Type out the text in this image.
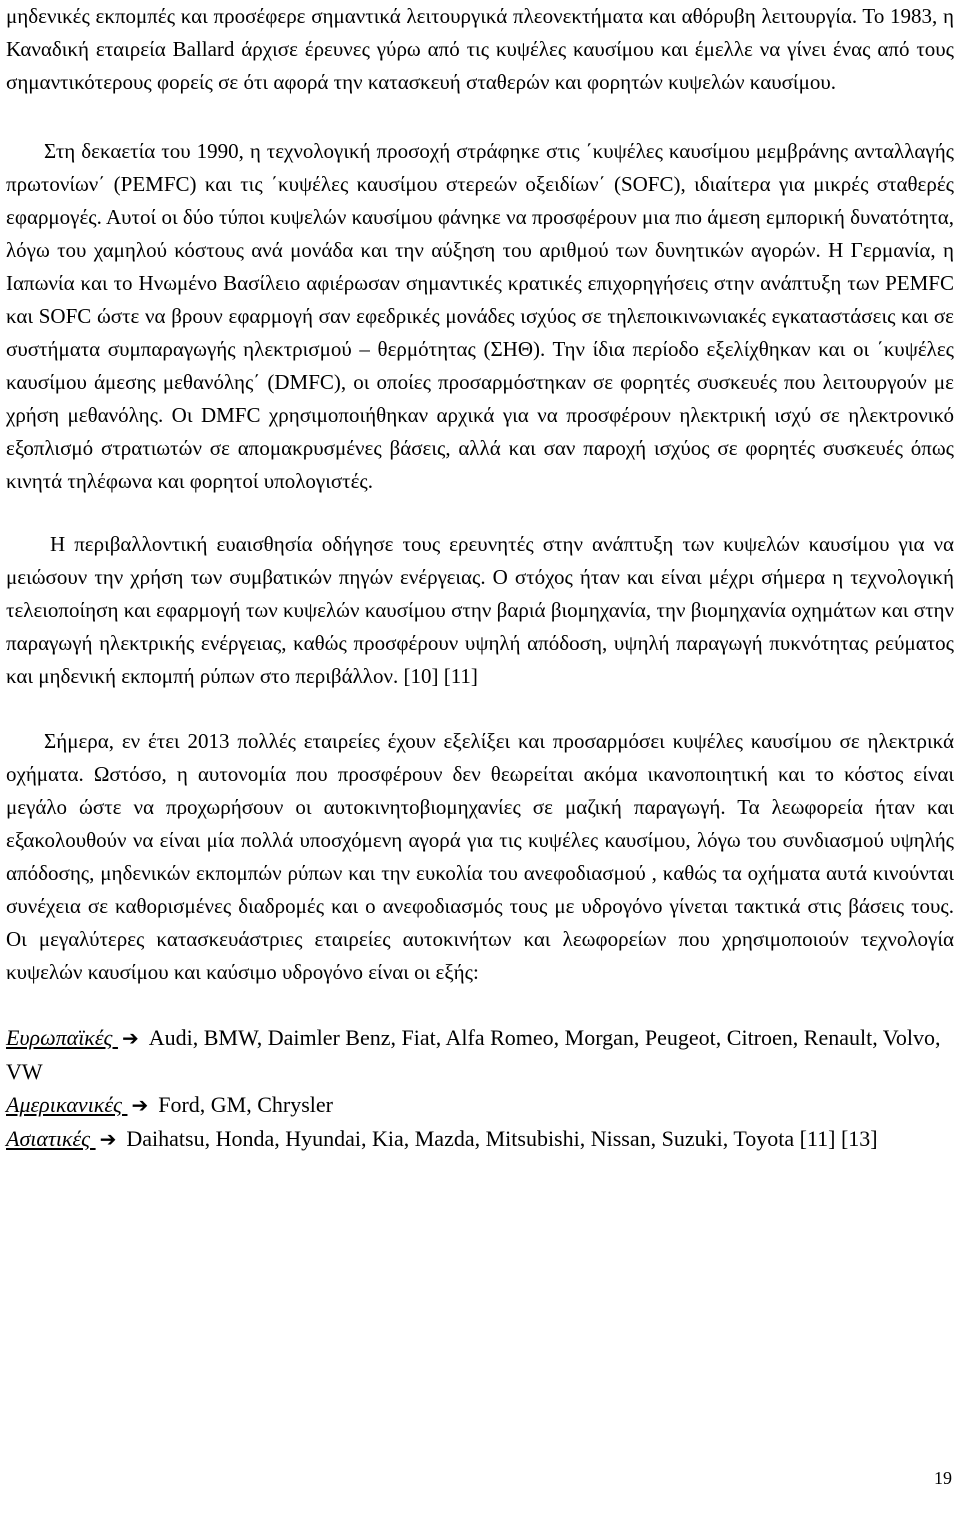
μηδενικές εκπομπές και προσέφερε σημαντικά λειτουργικά πλεονεκτήματα και αθόρυβη λειτουργία. Το 1983, η Καναδική εταιρεία Ballard άρχισε έρευνες γύρω από τις κυψέλες καυσίμου και έμελλε να γίνει ένας από τους σημαντικότερους φορείς σε ότι αφορά την κατασκευή σταθερών και φορητών κυψελών καυσίμου.

Στη δεκαετία του 1990, η τεχνολογική προσοχή στράφηκε στις ΄κυψέλες καυσίμου μεμβράνης ανταλλαγής πρωτονίων΄ (PEMFC) και τις ΄κυψέλες καυσίμου στερεών οξειδίων΄ (SOFC), ιδιαίτερα για μικρές σταθερές εφαρμογές. Αυτοί οι δύο τύποι κυψελών καυσίμου φάνηκε να προσφέρουν μια πιο άμεση εμπορική δυνατότητα, λόγω του χαμηλού κόστους ανά μονάδα και την αύξηση του αριθμού των δυνητικών αγορών. Η Γερμανία, η Ιαπωνία και το Ηνωμένο Βασίλειο αφιέρωσαν σημαντικές κρατικές επιχορηγήσεις στην ανάπτυξη των PEMFC και SOFC ώστε να βρουν εφαρμογή σαν εφεδρικές μονάδες ισχύος σε τηλεποικινωνιακές εγκαταστάσεις και σε συστήματα συμπαραγωγής ηλεκτρισμού – θερμότητας (ΣΗΘ). Την ίδια περίοδο εξελίχθηκαν και οι ΄κυψέλες καυσίμου άμεσης μεθανόλης΄ (DMFC), οι οποίες προσαρμόστηκαν σε φορητές συσκευές που λειτουργούν με χρήση μεθανόλης. Οι DMFC χρησιμοποιήθηκαν αρχικά για να προσφέρουν ηλεκτρική ισχύ σε ηλεκτρονικό εξοπλισμό στρατιωτών σε απομακρυσμένες βάσεις, αλλά και σαν παροχή ισχύος σε φορητές συσκευές όπως κινητά τηλέφωνα και φορητοί υπολογιστές.

Η περιβαλλοντική ευαισθησία οδήγησε τους ερευνητές στην ανάπτυξη των κυψελών καυσίμου για να μειώσουν την χρήση των συμβατικών πηγών ενέργειας. Ο στόχος ήταν και είναι μέχρι σήμερα η τεχνολογική τελειοποίηση και εφαρμογή των κυψελών καυσίμου στην βαριά βιομηχανία, την βιομηχανία οχημάτων και στην παραγωγή ηλεκτρικής ενέργειας, καθώς προσφέρουν υψηλή απόδοση, υψηλή παραγωγή πυκνότητας ρεύματος και μηδενική εκπομπή ρύπων στο περιβάλλον. [10] [11]

Σήμερα, εν έτει 2013 πολλές εταιρείες έχουν εξελίξει και προσαρμόσει κυψέλες καυσίμου σε ηλεκτρικά οχήματα. Ωστόσο, η αυτονομία που προσφέρουν δεν θεωρείται ακόμα ικανοποιητική και το κόστος είναι μεγάλο ώστε να προχωρήσουν οι αυτοκινητοβιομηχανίες σε μαζική παραγωγή. Τα λεωφορεία ήταν και εξακολουθούν να είναι μία πολλά υποσχόμενη αγορά για τις κυψέλες καυσίμου, λόγω του συνδιασμού υψηλής απόδοσης, μηδενικών εκπομπών ρύπων και την ευκολία του ανεφοδιασμού , καθώς τα οχήματα αυτά κινούνται συνέχεια σε καθορισμένες διαδρομές και ο ανεφοδιασμός τους με υδρογόνο γίνεται τακτικά στις βάσεις τους. Οι μεγαλύτερες κατασκευάστριες εταιρείες αυτοκινήτων και λεωφορείων που χρησιμοποιούν τεχνολογία κυψελών καυσίμου και καύσιμο υδρογόνο είναι οι εξής:

Ευρωπαϊκές ➔ Audi, BMW, Daimler Benz, Fiat, Alfa Romeo, Morgan, Peugeot, Citroen, Renault, Volvo, VW
Αμερικανικές ➔ Ford, GM, Chrysler
Ασιατικές ➔ Daihatsu, Honda, Hyundai, Kia, Mazda, Mitsubishi, Nissan, Suzuki, Toyota [11] [13]
19
